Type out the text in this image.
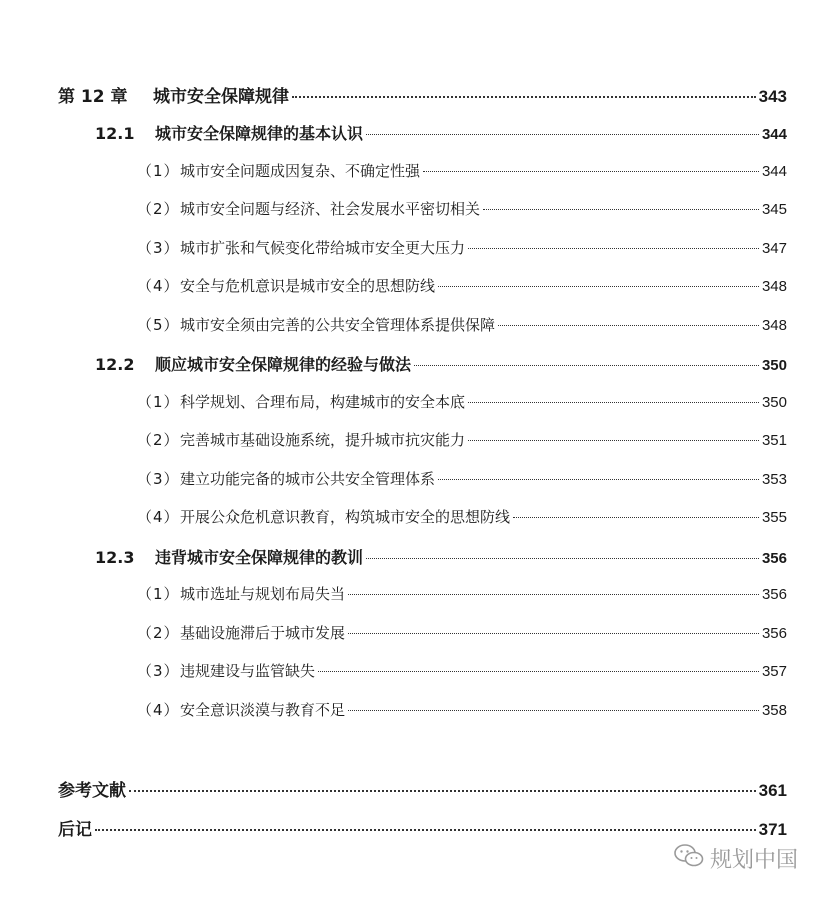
第 12 章	城市安全保障规律	343
12.1	城市安全保障规律的基本认识	344
（1） 城市安全问题成因复杂、不确定性强	344
（2） 城市安全问题与经济、社会发展水平密切相关	345
（3） 城市扩张和气候变化带给城市安全更大压力	347
（4） 安全与危机意识是城市安全的思想防线	348
（5） 城市安全须由完善的公共安全管理体系提供保障	348
12.2	顺应城市安全保障规律的经验与做法	350
（1） 科学规划、合理布局，构建城市的安全本底	350
（2） 完善城市基础设施系统，提升城市抗灾能力	351
（3） 建立功能完备的城市公共安全管理体系	353
（4） 开展公众危机意识教育，构筑城市安全的思想防线	355
12.3	违背城市安全保障规律的教训	356
（1） 城市选址与规划布局失当	356
（2） 基础设施滞后于城市发展	356
（3） 违规建设与监管缺失	357
（4） 安全意识淡漠与教育不足	358
参考文献	361
后记	371
规划中国
